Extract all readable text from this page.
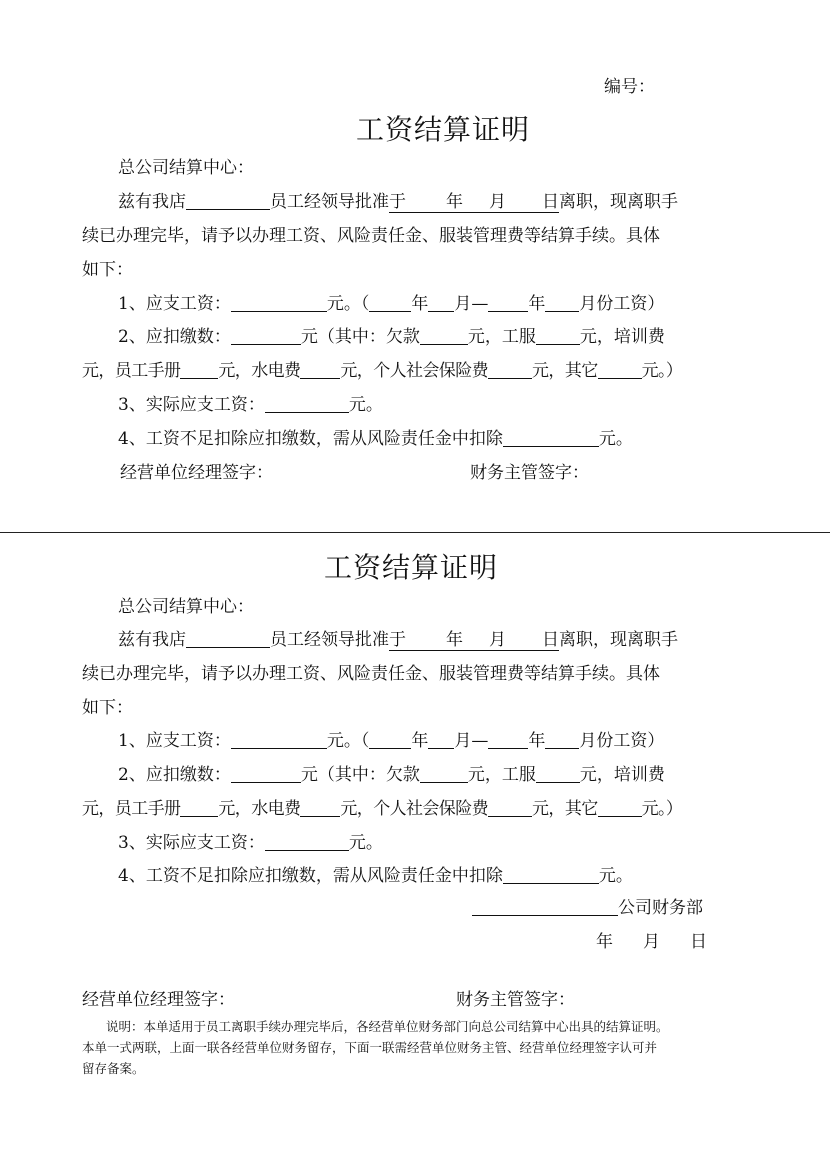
编号：
工资结算证明
总公司结算中心：
兹有我店	员工经领导批准于 年 月 日离职，现离职手
续已办理完毕，请予以办理工资、风险责任金、服装管理费等结算手续。具体
如下：
1、应支工资：	元。（ 年 月— 年 月份工资）
2、应扣缴数：	元（其中：欠款	元，工服	元，培训费
元，员工手册 元，水电费 元，个人社会保险费	元，其它	元。）
3、实际应支工资：	元。
4、工资不足扣除应扣缴数，需从风险责任金中扣除	元。
经营单位经理签字：	财务主管签字：
工资结算证明
总公司结算中心：
兹有我店	员工经领导批准于 年 月 日离职，现离职手
续已办理完毕，请予以办理工资、风险责任金、服装管理费等结算手续。具体
如下：
1、应支工资：	元。（ 年 月— 年 月份工资）
2、应扣缴数：	元（其中：欠款	元，工服	元，培训费
元，员工手册 元，水电费 元，个人社会保险费	元，其它	元。）
3、实际应支工资：	元。
4、工资不足扣除应扣缴数，需从风险责任金中扣除	元。
公司财务部
年 月 日
经营单位经理签字：	财务主管签字：
说明：本单适用于员工离职手续办理完毕后，各经营单位财务部门向总公司结算中心出具的结算证明。
本单一式两联，上面一联各经营单位财务留存，下面一联需经营单位财务主管、经营单位经理签字认可并
留存备案。
